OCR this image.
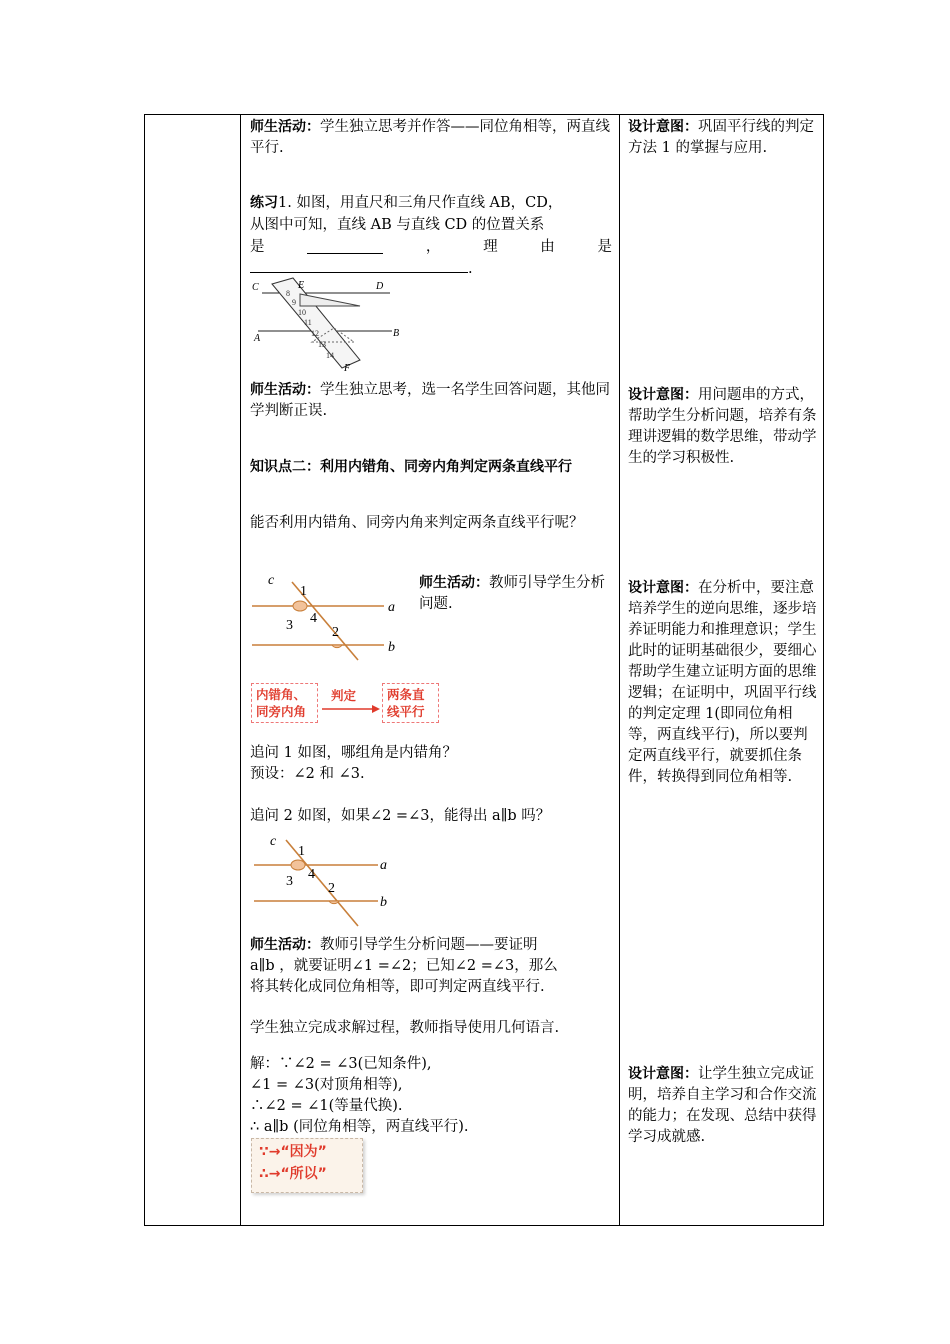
师生活动：学生独立思考并作答——同位角相等，两直线平行.

练习1. 如图，用直尺和三角尺作直线 AB，CD，

从图中可知，直线 AB 与直线 CD 的位置关系

是	，	理	由	是
.
C	E	D
A	B
F
8
9
10
11
12
13
14

师生活动：学生独立思考，选一名学生回答问题，其他同学判断正误.

知识点二：利用内错角、同旁内角判定两条直线平行

能否利用内错角、同旁内角来判定两条直线平行呢？

c
1
a
3 4
2
b

师生活动：教师引导学生分析问题.

内错角、
同旁内角
判定	两条直
线平行

追问 1 如图，哪组角是内错角？

预设：∠2 和 ∠3.

追问 2 如图，如果∠2 =∠3，能得出 a∥b 吗？

c
1
a
3 4
2
b

师生活动：教师引导学生分析问题——要证明

a∥b ，就要证明∠1 =∠2；已知∠2 =∠3，那么

将其转化成同位角相等，即可判定两直线平行.

学生独立完成求解过程，教师指导使用几何语言.

解：∵∠2 = ∠3(已知条件),

∠1 = ∠3(对顶角相等),

∴∠2 = ∠1(等量代换).

∴ a∥b (同位角相等，两直线平行).

∵→“因为”
∴→“所以”

设计意图：巩固平行线的判定方法 1 的掌握与应用.

设计意图：用问题串的方式，帮助学生分析问题，培养有条理讲逻辑的数学思维，带动学生的学习积极性.

设计意图：在分析中，要注意培养学生的逆向思维，逐步培养证明能力和推理意识；学生此时的证明基础很少，要细心帮助学生建立证明方面的思维逻辑；在证明中，巩固平行线的判定定理 1(即同位角相等，两直线平行)，所以要判定两直线平行，就要抓住条件，转换得到同位角相等.

设计意图：让学生独立完成证明，培养自主学习和合作交流的能力；在发现、总结中获得学习成就感.
